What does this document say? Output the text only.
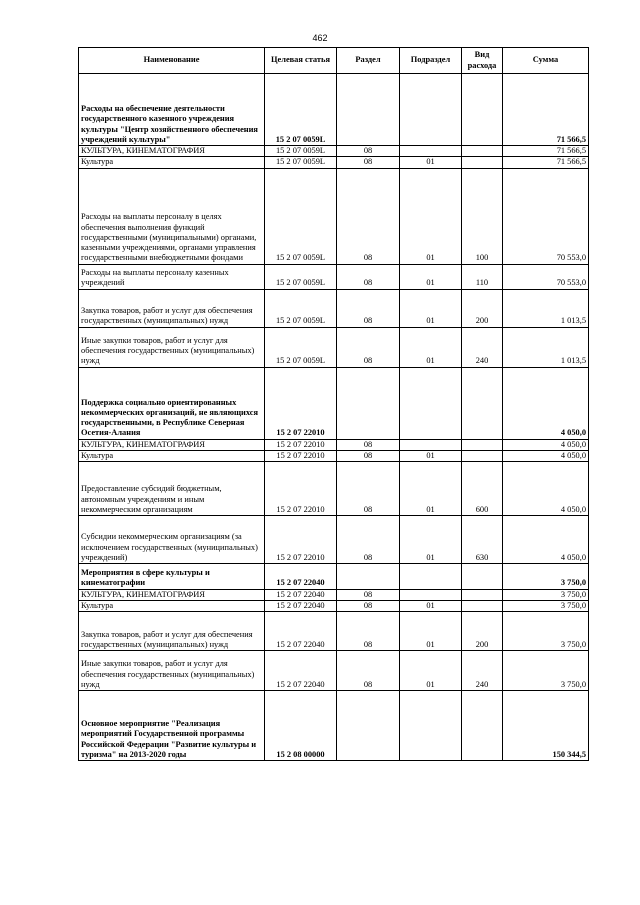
462
Наименование	Целевая статья	Раздел	Подраздел	Вид расхода	Сумма
Расходы на обеспечение деятельности государственного казенного учреждения культуры "Центр хозяйственного обеспечения учреждений культуры"	15 2 07 0059L				71 566,5
КУЛЬТУРА, КИНЕМАТОГРАФИЯ	15 2 07 0059L	08			71 566,5
Культура	15 2 07 0059L	08	01		71 566,5
Расходы на выплаты персоналу в целях обеспечения выполнения функций государственными (муниципальными) органами, казенными учреждениями, органами управления государственными внебюджетными фондами	15 2 07 0059L	08	01	100	70 553,0
Расходы на выплаты персоналу казенных учреждений	15 2 07 0059L	08	01	110	70 553,0
Закупка товаров, работ и услуг для обеспечения государственных (муниципальных) нужд	15 2 07 0059L	08	01	200	1 013,5
Иные закупки товаров, работ и услуг для обеспечения государственных (муниципальных) нужд	15 2 07 0059L	08	01	240	1 013,5
Поддержка социально ориентированных некоммерческих организаций, не являющихся государственными, в Республике Северная Осетия-Алания	15 2 07 22010				4 050,0
КУЛЬТУРА, КИНЕМАТОГРАФИЯ	15 2 07 22010	08			4 050,0
Культура	15 2 07 22010	08	01		4 050,0
Предоставление субсидий бюджетным, автономным учреждениям и иным некоммерческим организациям	15 2 07 22010	08	01	600	4 050,0
Субсидии некоммерческим организациям (за исключением государственных (муниципальных) учреждений)	15 2 07 22010	08	01	630	4 050,0
Мероприятия в сфере культуры и кинематографии	15 2 07 22040				3 750,0
КУЛЬТУРА, КИНЕМАТОГРАФИЯ	15 2 07 22040	08			3 750,0
Культура	15 2 07 22040	08	01		3 750,0
Закупка товаров, работ и услуг для обеспечения государственных (муниципальных) нужд	15 2 07 22040	08	01	200	3 750,0
Иные закупки товаров, работ и услуг для обеспечения государственных (муниципальных) нужд	15 2 07 22040	08	01	240	3 750,0
Основное мероприятие "Реализация мероприятий Государственной программы Российской Федерации "Развитие культуры и туризма" на 2013-2020 годы	15 2 08 00000				150 344,5
